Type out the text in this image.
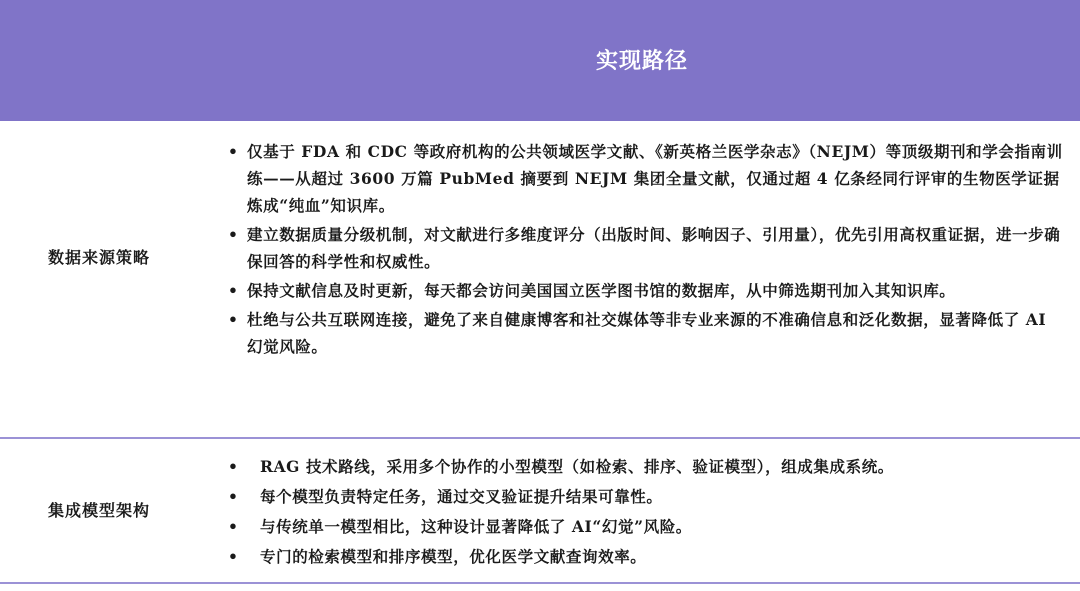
实现路径
数据来源策略
• 仅基于 FDA 和 CDC 等政府机构的公共领域医学文献、《新英格兰医学杂志》（NEJM）等顶级期刊和学会指南训练——从超过 3600 万篇 PubMed 摘要到 NEJM 集团全量文献，仅通过超 4 亿条经同行评审的生物医学证据炼成“纯血”知识库。
• 建立数据质量分级机制，对文献进行多维度评分（出版时间、影响因子、引用量），优先引用高权重证据，进一步确保回答的科学性和权威性。
• 保持文献信息及时更新，每天都会访问美国国立医学图书馆的数据库，从中筛选期刊加入其知识库。
• 杜绝与公共互联网连接，避免了来自健康博客和社交媒体等非专业来源的不准确信息和泛化数据，显著降低了 AI 幻觉风险。
集成模型架构
• RAG 技术路线，采用多个协作的小型模型（如检索、排序、验证模型），组成集成系统。
• 每个模型负责特定任务，通过交叉验证提升结果可靠性。
• 与传统单一模型相比，这种设计显著降低了 AI“幻觉”风险。
• 专门的检索模型和排序模型，优化医学文献查询效率。
